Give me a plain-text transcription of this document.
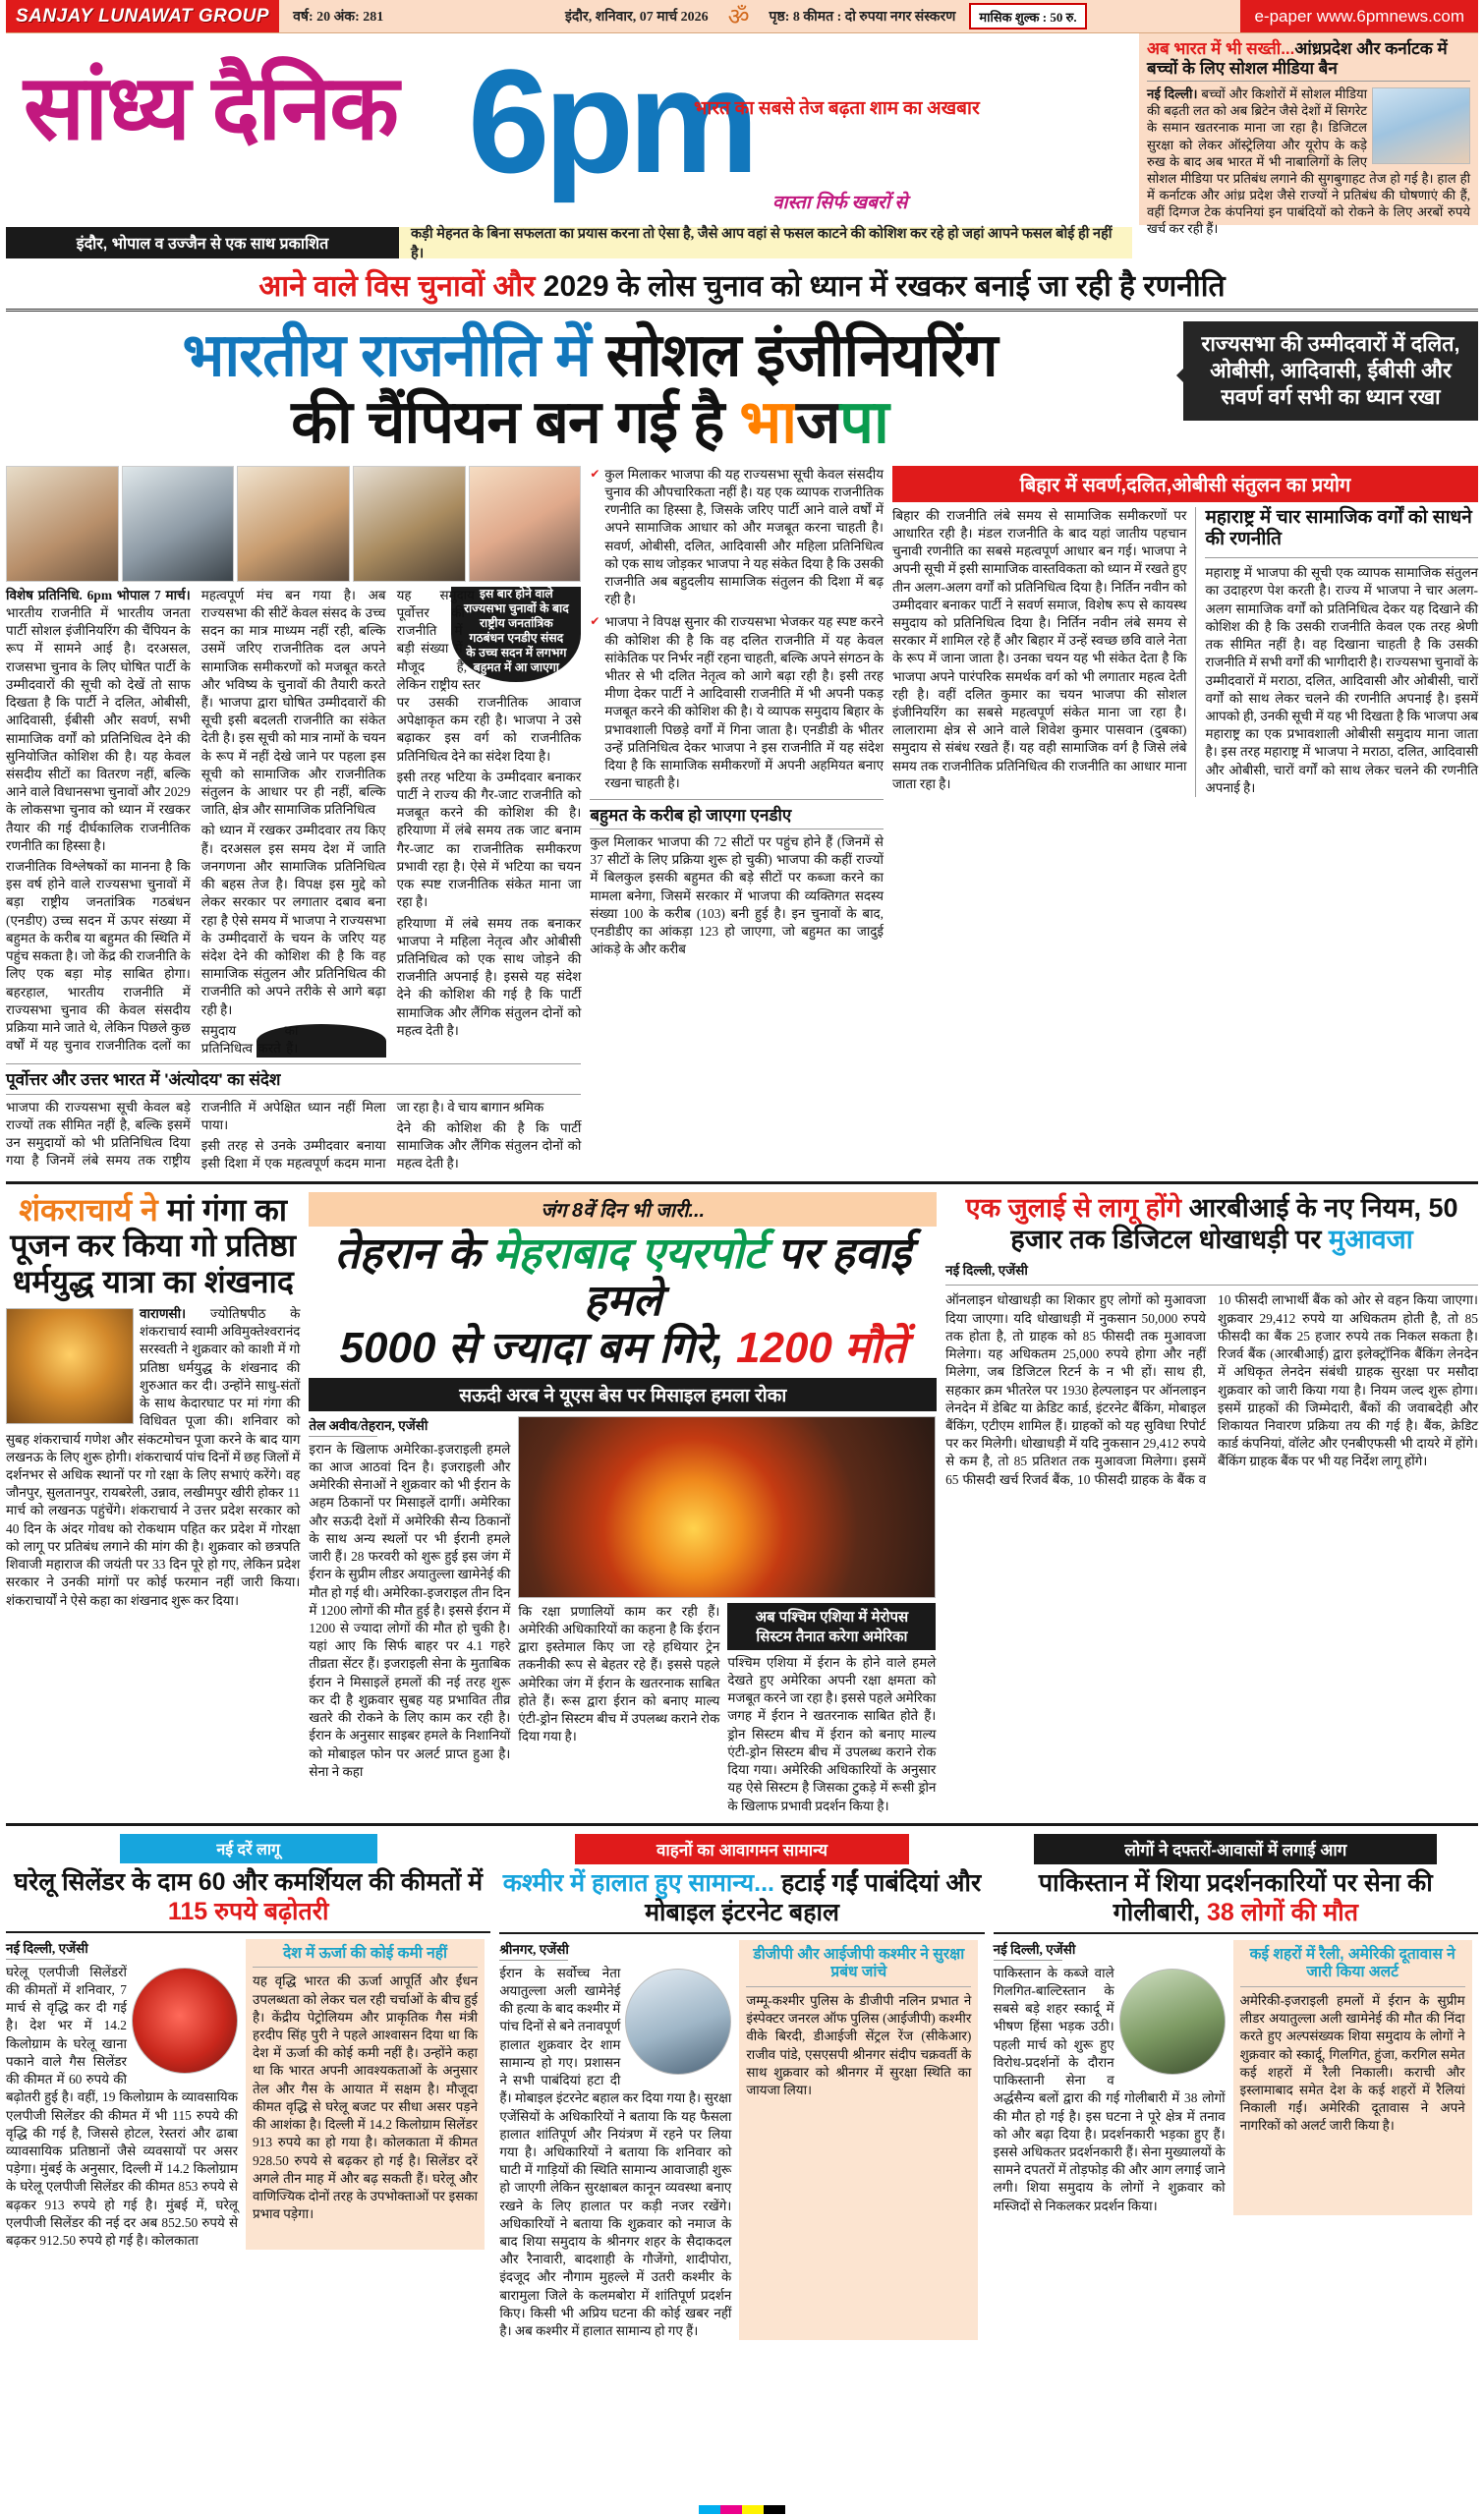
SANJAY LUNAWAT GROUP	वर्ष: 20 अंक: 281	इंदौर, शनिवार, 07 मार्च 2026 ॐ	पृष्ठ: 8 कीमत : दो रुपया नगर संस्करण	मासिक शुल्क : 50 रु.	e-paper www.6pmnews.com
सांध्य दैनिक 6pm
भारत का सबसे तेज बढ़ता शाम का अखबार
वास्ता सिर्फ खबरों से
अब भारत में भी सख्ती...आंध्रप्रदेश और कर्नाटक में बच्चों के लिए सोशल मीडिया बैन
नई दिल्ली। बच्चों और किशोरों में सोशल मीडिया की बढ़ती लत को अब ब्रिटेन जैसे देशों में सिगरेट के समान खतरनाक माना जा रहा है। डिजिटल सुरक्षा को लेकर ऑस्ट्रेलिया और यूरोप के कड़े रुख के बाद अब भारत में भी नाबालिगों के लिए सोशल मीडिया पर प्रतिबंध लगाने की सुगबुगाहट तेज हो गई है। हाल ही में कर्नाटक और आंध्र प्रदेश जैसे राज्यों ने प्रतिबंध की घोषणाएं की हैं, वहीं दिग्गज टेक कंपनियां इन पाबंदियों को रोकने के लिए अरबों रुपये खर्च कर रही हैं।
इंदौर, भोपाल व उज्जैन से एक साथ प्रकाशित
कड़ी मेहनत के बिना सफलता का प्रयास करना तो ऐसा है, जैसे आप वहां से फसल काटने की कोशिश कर रहे हो जहां आपने फसल बोई ही नहीं है।
आने वाले विस चुनावों और 2029 के लोस चुनाव को ध्यान में रखकर बनाई जा रही है रणनीति
भारतीय राजनीति में सोशल इंजीनियरिंग
की चैंपियन बन गई है भाजपा
राज्यसभा की उम्मीदवारों में दलित, ओबीसी, आदिवासी, ईबीसी और सवर्ण वर्ग सभी का ध्यान रखा

विशेष प्रतिनिधि. 6pm भोपाल 7 मार्च। भारतीय राजनीति में भारतीय जनता पार्टी सोशल इंजीनियरिंग की चैंपियन के रूप में सामने आई है। दरअसल, राजसभा चुनाव के लिए घोषित पार्टी के उम्मीदवारों की सूची को देखें तो साफ दिखता है कि पार्टी ने दलित, ओबीसी, आदिवासी, ईबीसी और सवर्ण, सभी सामाजिक वर्गों को प्रतिनिधित्व देने की सुनियोजित कोशिश की है। यह केवल संसदीय सीटों का वितरण नहीं, बल्कि आने वाले विधानसभा चुनावों और 2029 के लोकसभा चुनाव को ध्यान में रखकर तैयार की गई दीर्घकालिक राजनीतिक रणनीति का हिस्सा है।

राजनीतिक विश्लेषकों का मानना है कि इस वर्ष होने वाले राज्यसभा चुनावों में बड़ा राष्ट्रीय जनतांत्रिक गठबंधन (एनडीए) उच्च सदन में ऊपर संख्या में बहुमत के करीब या बहुमत की स्थिति में पहुंच सकता है। जो केंद्र की राजनीति के लिए एक बड़ा मोड़ साबित होगा। बहरहाल, भारतीय राजनीति में राज्यसभा चुनाव की केवल संसदीय प्रक्रिया माने जाते थे, लेकिन पिछले कुछ वर्षों में यह चुनाव राजनीतिक दलों का महत्वपूर्ण मंच बन गया है। अब राज्यसभा की सीटें केवल संसद के उच्च सदन का मात्र माध्यम नहीं रही, बल्कि उसमें जरिए राजनीतिक दल अपने सामाजिक समीकरणों को मजबूत करते और भविष्य के चुनावों की तैयारी करते हैं। भाजपा द्वारा घोषित उम्मीदवारों की सूची इसी बदलती राजनीति का संकेत देती है। इस सूची को मात्र नामों के चयन के रूप में नहीं देखे जाने पर पहला इस सूची को सामाजिक और राजनीतिक संतुलन के आधार पर ही नहीं, बल्कि जाति, क्षेत्र और सामाजिक प्रतिनिधित्व

को ध्यान में रखकर उम्मीदवार तय किए हैं। दरअसल इस समय देश में जाति जनगणना और सामाजिक प्रतिनिधित्व की बहस तेज है। विपक्ष इस मुद्दे को लेकर सरकार पर लगातार दबाव बना रहा है ऐसे समय में भाजपा ने राज्यसभा के उम्मीदवारों के चयन के जरिए यह संदेश देने की कोशिश की है कि वह सामाजिक संतुलन और प्रतिनिधित्व की राजनीति को अपने तरीके से आगे बढ़ा रही है।

इस बार होने वाले राज्यसभा चुनावों के बाद राष्ट्रीय जनतांत्रिक गठबंधन एनडीए संसद के उच्च सदन में लगभग बहुमत में आ जाएगा

समुदाय का प्रतिनिधित्व करते हैं। यह समुदाय पूर्वोत्तर की राजनीति में बड़ी संख्या में मौजूद है, लेकिन राष्ट्रीय स्तर पर उसकी राजनीतिक आवाज अपेक्षाकृत कम रही है। भाजपा ने उसे बढ़ाकर इस वर्ग को राजनीतिक प्रतिनिधित्व देने का संदेश दिया है।

इसी तरह भटिया के उम्मीदवार बनाकर पार्टी ने राज्य की गैर-जाट राजनीति को मजबूत करने की कोशिश की है। हरियाणा में लंबे समय तक जाट बनाम गैर-जाट का राजनीतिक समीकरण प्रभावी रहा है। ऐसे में भटिया का चयन एक स्पष्ट राजनीतिक संकेत माना जा रहा है।

हरियाणा में लंबे समय तक बनाकर भाजपा ने महिला नेतृत्व और ओबीसी प्रतिनिधित्व को एक साथ जोड़ने की राजनीति अपनाई है। इससे यह संदेश देने की कोशिश की गई है कि पार्टी सामाजिक और लैंगिक संतुलन दोनों को महत्व देती है।

पूर्वोत्तर और उत्तर भारत में 'अंत्योदय' का संदेश

भाजपा की राज्यसभा सूची केवल बड़े राज्यों तक सीमित नहीं है, बल्कि इसमें उन समुदायों को भी प्रतिनिधित्व दिया गया है जिनमें लंबे समय तक राष्ट्रीय राजनीति में अपेक्षित ध्यान नहीं मिला पाया।

इसी तरह से उनके उम्मीदवार बनाया इसी दिशा में एक महत्वपूर्ण कदम माना जा रहा है। वे चाय बागान श्रमिक

देने की कोशिश की है कि पार्टी सामाजिक और लैंगिक संतुलन दोनों को महत्व देती है।

✔ कुल मिलाकर भाजपा की यह राज्यसभा सूची केवल संसदीय चुनाव की औपचारिकता नहीं है। यह एक व्यापक राजनीतिक रणनीति का हिस्सा है, जिसके जरिए पार्टी आने वाले वर्षों में अपने सामाजिक आधार को और मजबूत करना चाहती है। सवर्ण, ओबीसी, दलित, आदिवासी और महिला प्रतिनिधित्व को एक साथ जोड़कर भाजपा ने यह संकेत दिया है कि उसकी राजनीति अब बहुदलीय सामाजिक संतुलन की दिशा में बढ़ रही है।
✔ भाजपा ने विपक्ष सुनार की राज्यसभा भेजकर यह स्पष्ट करने की कोशिश की है कि वह दलित राजनीति में यह केवल सांकेतिक पर निर्भर नहीं रहना चाहती, बल्कि अपने संगठन के भीतर से भी दलित नेतृत्व को आगे बढ़ा रही है। इसी तरह मीणा देकर पार्टी ने आदिवासी राजनीति में भी अपनी पकड़ मजबूत करने की कोशिश की है। ये व्यापक समुदाय बिहार के प्रभावशाली पिछड़े वर्गों में गिना जाता है। एनडीडी के भीतर उन्हें प्रतिनिधित्व देकर भाजपा ने इस राजनीति में यह संदेश दिया है कि सामाजिक समीकरणों में अपनी अहमियत बनाए रखना चाहती है।
बहुमत के करीब हो जाएगा एनडीए
कुल मिलाकर भाजपा की 72 सीटों पर पहुंच होने हैं (जिनमें से 37 सीटों के लिए प्रक्रिया शुरू हो चुकी) भाजपा की कहीं राज्यों में बिलकुल इसकी बहुमत की बड़े सीटों पर कब्जा करने का मामला बनेगा, जिसमें सरकार में भाजपा की व्यक्तिगत सदस्य संख्या 100 के करीब (103) बनी हुई है। इन चुनावों के बाद, एनडीडीए का आंकड़ा 123 हो जाएगा, जो बहुमत का जादुई आंकड़े के और करीब
बिहार में सवर्ण,दलित,ओबीसी संतुलन का प्रयोग
बिहार की राजनीति लंबे समय से सामाजिक समीकरणों पर आधारित रही है। मंडल राजनीति के बाद यहां जातीय पहचान चुनावी रणनीति का सबसे महत्वपूर्ण आधार बन गई। भाजपा ने अपनी सूची में इसी सामाजिक वास्तविकता को ध्यान में रखते हुए तीन अलग-अलग वर्गों को प्रतिनिधित्व दिया है। निर्तिन नवीन को उम्मीदवार बनाकर पार्टी ने सवर्ण समाज, विशेष रूप से कायस्थ समुदाय को प्रतिनिधित्व दिया है। निर्तिन नवीन लंबे समय से सरकार में शामिल रहे हैं और बिहार में उन्हें स्वच्छ छवि वाले नेता के रूप में जाना जाता है। उनका चयन यह भी संकेत देता है कि भाजपा अपने पारंपरिक समर्थक वर्ग को भी लगातार महत्व देती रही है। वहीं दलित कुमार का चयन भाजपा की सोशल इंजीनियरिंग का सबसे महत्वपूर्ण संकेत माना जा रहा है। लालारामा क्षेत्र से आने वाले शिवेश कुमार पासवान (दुबका) समुदाय से संबंध रखते हैं। यह वही सामाजिक वर्ग है जिसे लंबे समय तक राजनीतिक प्रतिनिधित्व की राजनीति का आधार माना जाता रहा है।
महाराष्ट्र में चार सामाजिक वर्गों को साधने की रणनीति
महाराष्ट्र में भाजपा की सूची एक व्यापक सामाजिक संतुलन का उदाहरण पेश करती है। राज्य में भाजपा ने चार अलग-अलग सामाजिक वर्गों को प्रतिनिधित्व देकर यह दिखाने की कोशिश की है कि उसकी राजनीति केवल एक तरह श्रेणी तक सीमित नहीं है। वह दिखाना चाहती है कि उसकी राजनीति में सभी वर्गों की भागीदारी है। राज्यसभा चुनावों के उम्मीदवारों में मराठा, दलित, आदिवासी और ओबीसी, चारों वर्गों को साथ लेकर चलने की रणनीति अपनाई है। इसमें आपको ही, उनकी सूची में यह भी दिखता है कि भाजपा अब महाराष्ट्र का एक प्रभावशाली ओबीसी समुदाय माना जाता है। इस तरह महाराष्ट्र में भाजपा ने मराठा, दलित, आदिवासी और ओबीसी, चारों वर्गों को साथ लेकर चलने की रणनीति अपनाई है।
शंकराचार्य ने मां गंगा का पूजन कर किया गो प्रतिष्ठा धर्मयुद्ध यात्रा का शंखनाद
वाराणसी। ज्योतिषपीठ के शंकराचार्य स्वामी अविमुक्तेश्वरानंद सरस्वती ने शुक्रवार को काशी में गो प्रतिष्ठा धर्मयुद्ध के शंखनाद की शुरुआत कर दी। उन्होंने साधु-संतों के साथ केदारघाट पर मां गंगा की विधिवत पूजा की। शनिवार को सुबह शंकराचार्य गणेश और संकटमोचन पूजा करने के बाद याग लखनऊ के लिए शुरू होगी। शंकराचार्य पांच दिनों में छह जिलों में दर्शनभर से अधिक स्थानों पर गो रक्षा के लिए सभाएं करेंगे। वह जौनपुर, सुलतानपुर, रायबरेली, उन्नाव, लखीमपुर खीरी होकर 11 मार्च को लखनऊ पहुंचेंगे। शंकराचार्य ने उत्तर प्रदेश सरकार को 40 दिन के अंदर गोवध को रोकथाम पहित कर प्रदेश में गोरक्षा को लागू पर प्रतिबंध लगाने की मांग की है। शुक्रवार को छत्रपति शिवाजी महाराज की जयंती पर 33 दिन पूरे हो गए, लेकिन प्रदेश सरकार ने उनकी मांगों पर कोई फरमान नहीं जारी किया। शंकराचार्यों ने ऐसे कहा का शंखनाद शुरू कर दिया।
जंग 8वें दिन भी जारी...
तेहरान के मेहराबाद एयरपोर्ट पर हवाई हमले
5000 से ज्यादा बम गिरे, 1200 मौतें
सऊदी अरब ने यूएस बेस पर मिसाइल हमला रोका
तेल अवीव/तेहरान, एजेंसी
इरान के खिलाफ अमेरिका-इजराइली हमले का आज आठवां दिन है। इजराइली और अमेरिकी सेनाओं ने शुक्रवार को भी ईरान के अहम ठिकानों पर मिसाइलें दागीं। अमेरिका और सऊदी देशों में अमेरिकी सैन्य ठिकानों के साथ अन्य स्थलों पर भी ईरानी हमले जारी हैं। 28 फरवरी को शुरू हुई इस जंग में ईरान के सुप्रीम लीडर अयातुल्ला खामेनेई की मौत हो गई थी। अमेरिका-इजराइल तीन दिन में 1200 लोगों की मौत हुई है। इससे ईरान में 1200 से ज्यादा लोगों की मौत हो चुकी है। यहां आए कि सिर्फ बाहर पर 4.1 गहरे तीव्रता सेंटर हैं। इजराइली सेना के मुताबिक ईरान ने मिसाइलें हमलों की नई तरह शुरू कर दी है शुक्रवार सुबह यह प्रभावित तीव्र खतरे की रोकने के लिए काम कर रही है। ईरान के अनुसार साइबर हमले के निशानियों को मोबाइल फोन पर अलर्ट प्राप्त हुआ है। सेना ने कहा
कि रक्षा प्रणालियों काम कर रही हैं। अमेरिकी अधिकारियों का कहना है कि ईरान द्वारा इस्तेमाल किए जा रहे हथियार ट्रेन तकनीकी रूप से बेहतर रहे हैं। इससे पहले अमेरिका जंग में ईरान के खतरनाक साबित होते हैं। रूस द्वारा ईरान को बनाए माल्य एंटी-ड्रोन सिस्टम बीच में उपलब्ध कराने रोक दिया गया है।
अब पश्चिम एशिया में मेरोपस सिस्टम तैनात करेगा अमेरिका
पश्चिम एशिया में ईरान के होने वाले हमले देखते हुए अमेरिका अपनी रक्षा क्षमता को मजबूत करने जा रहा है। इससे पहले अमेरिका जगह में ईरान ने खतरनाक साबित होते हैं। ड्रोन सिस्टम बीच में ईरान को बनाए माल्य एंटी-ड्रोन सिस्टम बीच में उपलब्ध कराने रोक दिया गया। अमेरिकी अधिकारियों के अनुसार यह ऐसे सिस्टम है जिसका टुकड़े में रूसी ड्रोन के खिलाफ प्रभावी प्रदर्शन किया है।
एक जुलाई से लागू होंगे आरबीआई के नए नियम, 50 हजार तक डिजिटल धोखाधड़ी पर मुआवजा
नई दिल्ली, एजेंसी
ऑनलाइन धोखाधड़ी का शिकार हुए लोगों को मुआवजा दिया जाएगा। यदि धोखाधड़ी में नुकसान 50,000 रुपये तक होता है, तो ग्राहक को 85 फीसदी तक मुआवजा मिलेगा। यह अधिकतम 25,000 रुपये होगा और नहीं मिलेगा, जब डिजिटल रिटर्न के न भी हों। साथ ही, सहकार क्रम भीतरेल पर 1930 हेल्पलाइन पर ऑनलाइन लेनदेन में डेबिट या क्रेडिट कार्ड, इंटरनेट बैंकिंग, मोबाइल बैंकिंग, एटीएम शामिल हैं। ग्राहकों को यह सुविधा रिपोर्ट पर कर मिलेगी। धोखाधड़ी में यदि नुकसान 29,412 रुपये से कम है, तो 85 प्रतिशत तक मुआवजा मिलेगा। इसमें 65 फीसदी खर्च रिजर्व बैंक, 10 फीसदी ग्राहक के बैंक व 10 फीसदी लाभार्थी बैंक को ओर से वहन किया जाएगा। शुक्रवार 29,412 रुपये या अधिकतम होती है, तो 85 फीसदी का बैंक 25 हजार रुपये तक निकल सकता है। रिजर्व बैंक (आरबीआई) द्वारा इलेक्ट्रॉनिक बैंकिंग लेनदेन में अधिकृत लेनदेन संबंधी ग्राहक सुरक्षा पर मसौदा शुक्रवार को जारी किया गया है। नियम जल्द शुरू होगा। इसमें ग्राहकों की जिम्मेदारी, बैंकों की जवाबदेही और शिकायत निवारण प्रक्रिया तय की गई है। बैंक, क्रेडिट कार्ड कंपनियां, वॉलेट और एनबीएफसी भी दायरे में होंगे। बैंकिंग ग्राहक बैंक पर भी यह निर्देश लागू होंगे।
नई दरें लागू
घरेलू सिलेंडर के दाम 60 और कमर्शियल की कीमतों में 115 रुपये बढ़ोतरी
नई दिल्ली, एजेंसी
घरेलू एलपीजी सिलेंडरों की कीमतों में शनिवार, 7 मार्च से वृद्धि कर दी गई है। देश भर में 14.2 किलोग्राम के घरेलू खाना पकाने वाले गैस सिलेंडर की कीमत में 60 रुपये की बढ़ोतरी हुई है। वहीं, 19 किलोग्राम के व्यावसायिक एलपीजी सिलेंडर की कीमत में भी 115 रुपये की वृद्धि की गई है, जिससे होटल, रेस्तरां और ढाबा व्यावसायिक प्रतिष्ठानों जैसे व्यवसायों पर असर पड़ेगा। मुंबई के अनुसार, दिल्ली में 14.2 किलोग्राम के घरेलू एलपीजी सिलेंडर की कीमत 853 रुपये से बढ़कर 913 रुपये हो गई है। मुंबई में, घरेलू एलपीजी सिलेंडर की नई दर अब 852.50 रुपये से बढ़कर 912.50 रुपये हो गई है। कोलकाता
देश में ऊर्जा की कोई कमी नहीं
यह वृद्धि भारत की ऊर्जा आपूर्ति और ईंधन उपलब्धता को लेकर चल रही चर्चाओं के बीच हुई है। केंद्रीय पेट्रोलियम और प्राकृतिक गैस मंत्री हरदीप सिंह पुरी ने पहले आश्वासन दिया था कि देश में ऊर्जा की कोई कमी नहीं है। उन्होंने कहा था कि भारत अपनी आवश्यकताओं के अनुसार तेल और गैस के आयात में सक्षम है। मौजूदा कीमत वृद्धि से घरेलू बजट पर सीधा असर पड़ने की आशंका है। दिल्ली में 14.2 किलोग्राम सिलेंडर 913 रुपये का हो गया है। कोलकाता में कीमत 928.50 रुपये से बढ़कर हो गई है। सिलेंडर दरें अगले तीन माह में और बढ़ सकती हैं। घरेलू और वाणिज्यिक दोनों तरह के उपभोक्ताओं पर इसका प्रभाव पड़ेगा।
वाहनों का आवागमन सामान्य
कश्मीर में हालात हुए सामान्य... हटाई गईं पाबंदियां और मोबाइल इंटरनेट बहाल
श्रीनगर, एजेंसी
ईरान के सर्वोच्च नेता अयातुल्ला अली खामेनेई की हत्या के बाद कश्मीर में पांच दिनों से बने तनावपूर्ण हालात शुक्रवार देर शाम सामान्य हो गए। प्रशासन ने सभी पाबंदियां हटा दी हैं। मोबाइल इंटरनेट बहाल कर दिया गया है। सुरक्षा एजेंसियों के अधिकारियों ने बताया कि यह फैसला हालात शांतिपूर्ण और नियंत्रण में रहने पर लिया गया है। अधिकारियों ने बताया कि शनिवार को घाटी में गाड़ियों की स्थिति सामान्य आवाजाही शुरू हो जाएगी लेकिन सुरक्षाबल कानून व्यवस्था बनाए रखने के लिए हालात पर कड़ी नजर रखेंगे। अधिकारियों ने बताया कि शुक्रवार को नमाज के बाद शिया समुदाय के श्रीनगर शहर के सैदाकदल और रैनावारी, बादशाही के गौजेंगो, शादीपोरा, इंदजूद और नौगाम मुहल्ले में उतरी कश्मीर के बारामुला जिले के कलमबोरा में शांतिपूर्ण प्रदर्शन किए। किसी भी अप्रिय घटना की कोई खबर नहीं है। अब कश्मीर में हालात सामान्य हो गए हैं।
डीजीपी और आईजीपी कश्मीर ने सुरक्षा प्रबंध जांचे
जम्मू-कश्मीर पुलिस के डीजीपी नलिन प्रभात ने इंस्पेक्टर जनरल ऑफ पुलिस (आईजीपी) कश्मीर वीके बिरदी, डीआईजी सेंट्रल रेंज (सीकेआर) राजीव पांडे, एसएसपी श्रीनगर संदीप चक्रवर्ती के साथ शुक्रवार को श्रीनगर में सुरक्षा स्थिति का जायजा लिया।
लोगों ने दफ्तरों-आवासों में लगाई आग
पाकिस्तान में शिया प्रदर्शनकारियों पर सेना की गोलीबारी, 38 लोगों की मौत
नई दिल्ली, एजेंसी
पाकिस्तान के कब्जे वाले गिलगित-बाल्टिस्तान के सबसे बड़े शहर स्कार्दू में भीषण हिंसा भड़क उठी। पहली मार्च को शुरू हुए विरोध-प्रदर्शनों के दौरान पाकिस्तानी सेना व अर्द्धसैन्य बलों द्वारा की गई गोलीबारी में 38 लोगों की मौत हो गई है। इस घटना ने पूरे क्षेत्र में तनाव को और बढ़ा दिया है। प्रदर्शनकारी भड़का हुए हैं। इससे अधिकतर प्रदर्शनकारी हैं। सेना मुख्यालयों के सामने दपतरों में तोड़फोड़ की और आग लगाई जाने लगी। शिया समुदाय के लोगों ने शुक्रवार को मस्जिदों से निकलकर प्रदर्शन किया।
कई शहरों में रैली, अमेरिकी दूतावास ने जारी किया अलर्ट
अमेरिकी-इजराइली हमलों में ईरान के सुप्रीम लीडर अयातुल्ला अली खामेनेई की मौत की निंदा करते हुए अल्पसंख्यक शिया समुदाय के लोगों ने शुक्रवार को स्कार्दू, गिलगित, हुंजा, करगिल समेत कई शहरों में रैली निकाली। कराची और इस्लामाबाद समेत देश के कई शहरों में रैलियां निकाली गईं। अमेरिकी दूतावास ने अपने नागरिकों को अलर्ट जारी किया है।
